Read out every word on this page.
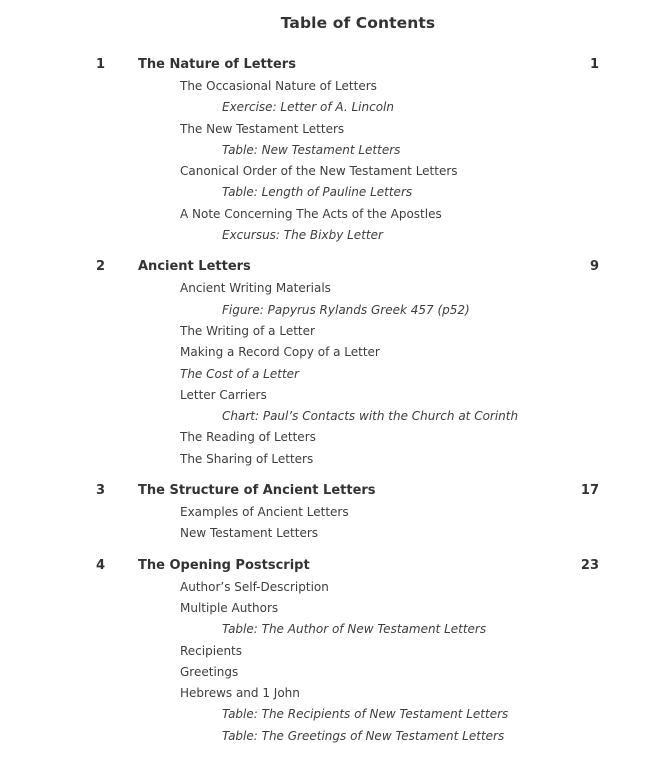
Table of Contents
1	The Nature of Letters	1
The Occasional Nature of Letters
Exercise: Letter of A. Lincoln
The New Testament Letters
Table: New Testament Letters
Canonical Order of the New Testament Letters
Table: Length of Pauline Letters
A Note Concerning The Acts of the Apostles
Excursus: The Bixby Letter
2	Ancient Letters	9
Ancient Writing Materials
Figure: Papyrus Rylands Greek 457 (p52)
The Writing of a Letter
Making a Record Copy of a Letter
The Cost of a Letter
Letter Carriers
Chart: Paul’s Contacts with the Church at Corinth
The Reading of Letters
The Sharing of Letters
3	The Structure of Ancient Letters	17
Examples of Ancient Letters
New Testament Letters
4	The Opening Postscript	23
Author’s Self-Description
Multiple Authors
Table: The Author of New Testament Letters
Recipients
Greetings
Hebrews and 1 John
Table: The Recipients of New Testament Letters
Table: The Greetings of New Testament Letters
